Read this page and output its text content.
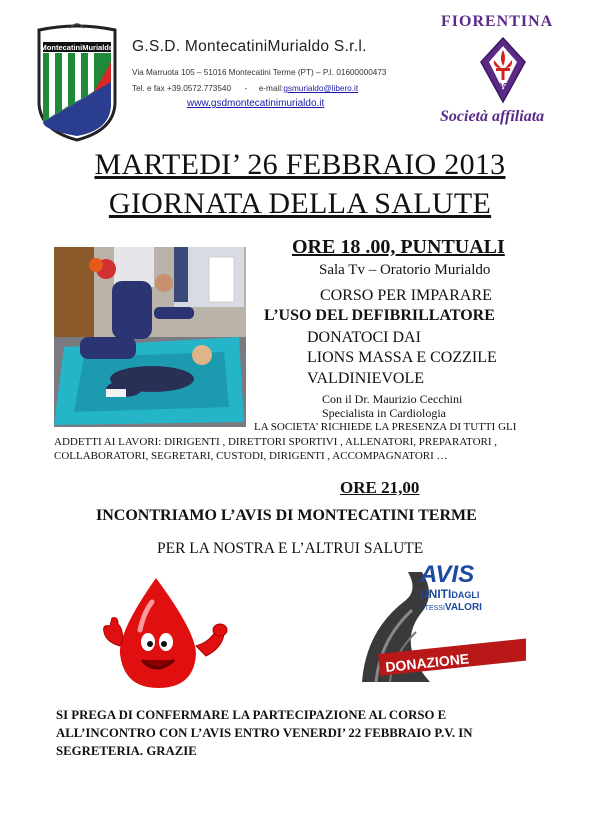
MontecatiniMurialdo G.S.D. MontecatiniMurialdo S.r.l.
Via Marruota 105 – 51016 Montecatini Terme (PT) – P.I. 01600000473
Tel. e fax +39.0572.773540      -     e-mail:gsmurialdo@libero.it
www.gsdmontecatinimurialdo.it
FIORENTINA
AC
Società affiliata
MARTEDI’ 26 FEBBRAIO 2013
GIORNATA DELLA SALUTE
ORE 18 .00, PUNTUALI
Sala Tv – Oratorio Murialdo
CORSO PER IMPARARE
L’USO DEL DEFIBRILLATORE
DONATOCI DAI
LIONS MASSA E COZZILE
VALDINIEVOLE
Con il Dr. Maurizio Cecchini
Specialista in Cardiologia
LA SOCIETA’ RICHIEDE LA PRESENZA DI TUTTI GLI ADDETTI AI LAVORI: DIRIGENTI , DIRETTORI SPORTIVI , ALLENATORI, PREPARATORI , COLLABORATORI, SEGRETARI, CUSTODI, DIRIGENTI , ACCOMPAGNATORI …
ORE 21,00
INCONTRIAMO L’AVIS DI MONTECATINI TERME
PER LA NOSTRA E L’ALTRUI SALUTE
DONAZIONE
AVIS
UNITIDAGLI
STESSIVALORI
SI PREGA DI CONFERMARE LA PARTECIPAZIONE AL CORSO E ALL’INCONTRO CON L’AVIS ENTRO VENERDI’ 22 FEBBRAIO P.V. IN SEGRETERIA. GRAZIE
